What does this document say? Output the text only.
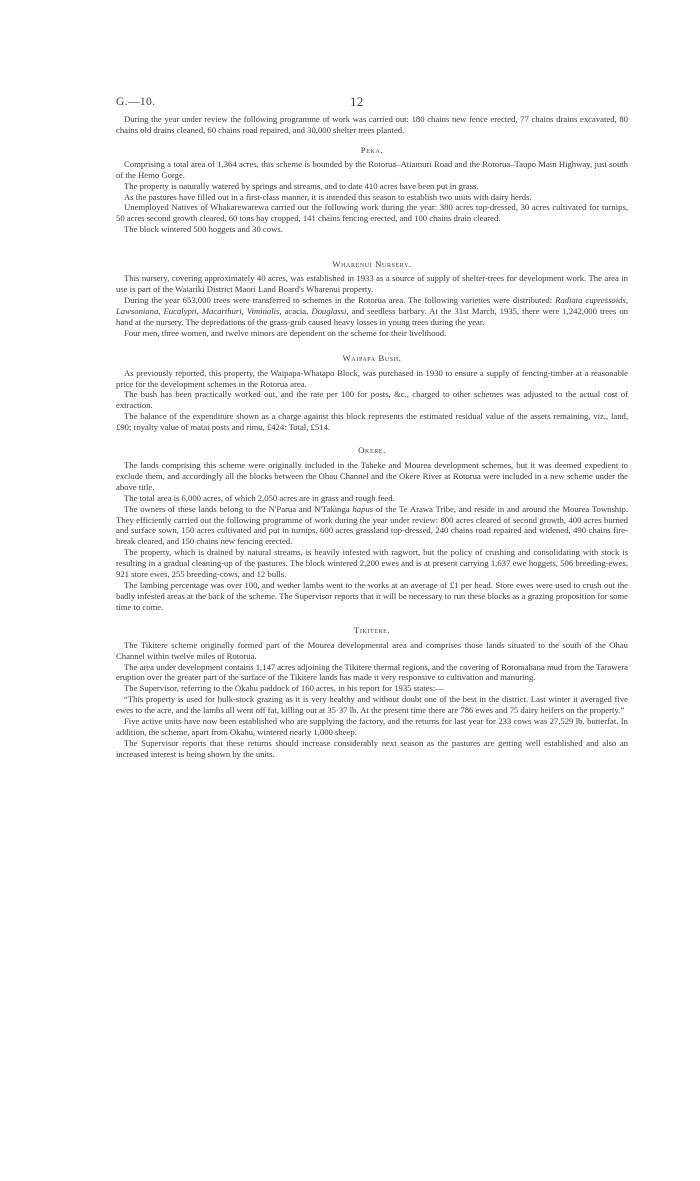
G.—10.	12

During the year under review the following programme of work was carried out: 180 chains new fence erected, 77 chains drains excavated, 80 chains old drains cleaned, 60 chains road repaired, and 30,000 shelter trees planted.

Peka.

Comprising a total area of 1,364 acres, this scheme is bounded by the Rotorua–Atiamuri Road and the Rotorua–Taupo Main Highway, just south of the Hemo Gorge.

The property is naturally watered by springs and streams, and to date 410 acres have been put in grass.

As the pastures have filled out in a first-class manner, it is intended this season to establish two units with dairy herds.

Unemployed Natives of Whakarewarewa carried out the following work during the year: 380 acres top-dressed, 30 acres cultivated for turnips, 50 acres second growth cleared, 60 tons hay cropped, 141 chains fencing erected, and 100 chains drain cleared.

The block wintered 500 hoggets and 30 cows.

Wharenui Nursery.

This nursery, covering approximately 40 acres, was established in 1933 as a source of supply of shelter-trees for development work. The area in use is part of the Waiariki District Maori Land Board's Wharenui property.

During the year 653,000 trees were transferred to schemes in the Rotorua area. The following varieties were distributed: Radiata cupressoids, Lawsoniana, Eucalypti, Macarthuri, Viminalis, acacia, Douglassi, and seedless barbary. At the 31st March, 1935, there were 1,242,000 trees on hand at the nursery. The depredations of the grass-grub caused heavy losses in young trees during the year.

Four men, three women, and twelve minors are dependent on the scheme for their livelihood.

Waipapa Bush.

As previously reported, this property, the Waipapa-Whatapo Block, was purchased in 1930 to ensure a supply of fencing-timber at a reasonable price for the development schemes in the Rotorua area.

The bush has been practically worked out, and the rate per 100 for posts, &c., charged to other schemes was adjusted to the actual cost of extraction.

The balance of the expenditure shown as a charge against this block represents the estimated residual value of the assets remaining, viz., land, £90; royalty value of matai posts and rimu, £424: Total, £514.

Okere.

The lands comprising this scheme were originally included in the Taheke and Mourea development schemes, but it was deemed expedient to exclude them, and accordingly all the blocks between the Ohau Channel and the Okere River at Rotorua were included in a new scheme under the above title.

The total area is 6,000 acres, of which 2,050 acres are in grass and rough feed.

The owners of these lands belong to the N'Parua and N'Takinga hapus of the Te Arawa Tribe, and reside in and around the Mourea Township. They efficiently carried out the following programme of work during the year under review: 800 acres cleared of second growth, 400 acres burned and surface sown, 150 acres cultivated and put in turnips, 600 acres grassland top-dressed, 240 chains road repaired and widened, 490 chains fire-break cleared, and 150 chains new fencing erected.

The property, which is drained by natural streams, is heavily infested with ragwort, but the policy of crushing and consolidating with stock is resulting in a gradual cleaning-up of the pastures. The block wintered 2,200 ewes and is at present carrying 1,637 ewe hoggets, 506 breeding-ewes, 921 store ewes, 255 breeding-cows, and 12 bulls.

The lambing percentage was over 100, and wether lambs went to the works at an average of £1 per head. Store ewes were used to crush out the badly infested areas at the back of the scheme. The Supervisor reports that it will be necessary to run these blocks as a grazing proposition for some time to come.

Tikitere.

The Tikitere scheme originally formed part of the Mourea developmental area and comprises those lands situated to the south of the Ohau Channel within twelve miles of Rotorua.

The area under development contains 1,147 acres adjoining the Tikitere thermal regions, and the covering of Rotomahana mud from the Tarawera eruption over the greater part of the surface of the Tikitere lands has made it very responsive to cultivation and manuring.

The Supervisor, referring to the Okahu paddock of 160 acres, in his report for 1935 states:—

“This property is used for bulk-stock grazing as it is very healthy and without doubt one of the best in the district. Last winter it averaged five ewes to the acre, and the lambs all went off fat, killing out at 35·37 lb. At the present time there are 786 ewes and 75 dairy heifers on the property.”

Five active units have now been established who are supplying the factory, and the returns for last year for 233 cows was 27,529 lb. butterfat. In addition, the scheme, apart from Okahu, wintered nearly 1,000 sheep.

The Supervisor reports that these returns should increase considerably next season as the pastures are getting well established and also an increased interest is being shown by the units.
